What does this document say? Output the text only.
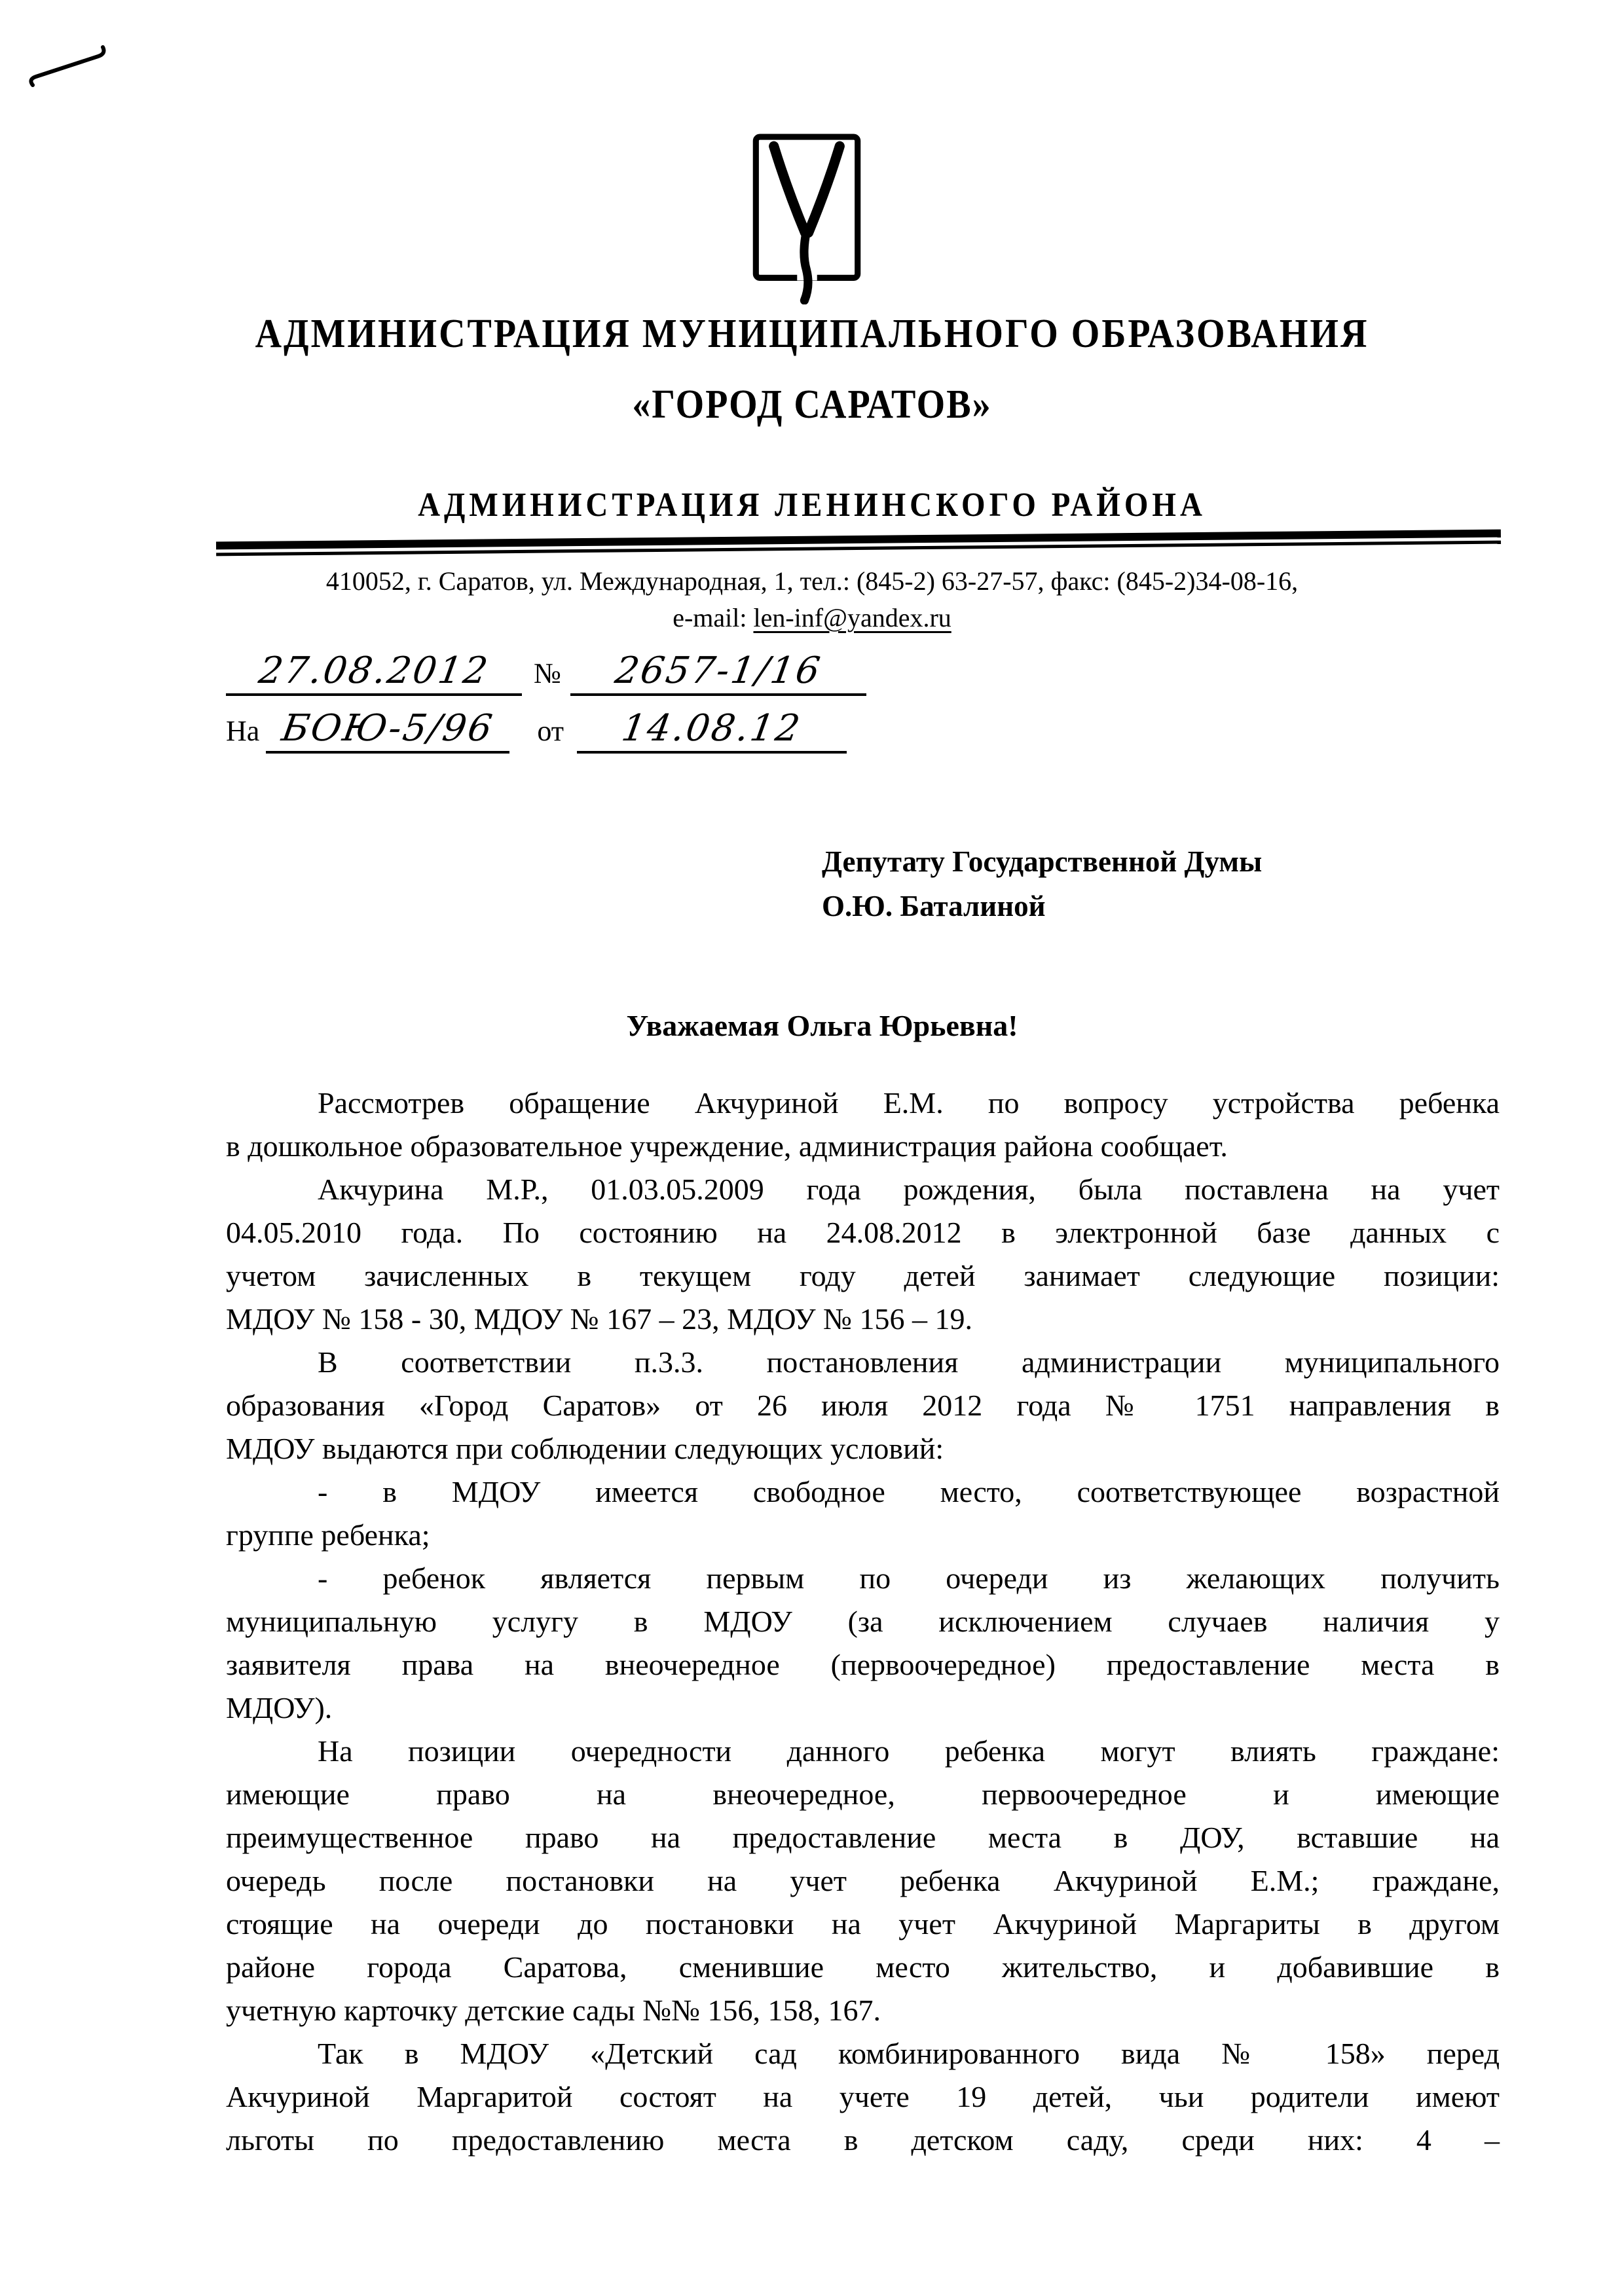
АДМИНИСТРАЦИЯ МУНИЦИПАЛЬНОГО ОБРАЗОВАНИЯ
«ГОРОД САРАТОВ»
АДМИНИСТРАЦИЯ ЛЕНИНСКОГО РАЙОНА
410052, г. Саратов, ул. Международная, 1, тел.: (845-2) 63-27-57, факс: (845-2)34-08-16,
e-mail: len-inf@yandex.ru
27.08.2012	№	2657-1/16
На БОЮ-5/96	от	14.08.12
Депутату Государственной Думы
О.Ю. Баталиной
Уважаемая Ольга Юрьевна!
Рассмотрев обращение Акчуриной Е.М. по вопросу устройства ребенка
в дошкольное образовательное учреждение, администрация района сообщает.
Акчурина М.Р., 01.03.05.2009 года рождения, была поставлена на учет
04.05.2010 года. По состоянию на 24.08.2012 в электронной базе данных с
учетом зачисленных в текущем году детей занимает следующие позиции:
МДОУ № 158 - 30, МДОУ № 167 – 23, МДОУ № 156 – 19.
В соответствии п.3.3. постановления администрации муниципального
образования «Город Саратов» от 26 июля 2012 года № 1751 направления в
МДОУ выдаются при соблюдении следующих условий:
- в МДОУ имеется свободное место, соответствующее возрастной
группе ребенка;
- ребенок является первым по очереди из желающих получить
муниципальную услугу в МДОУ (за исключением случаев наличия у
заявителя права на внеочередное (первоочередное) предоставление места в
МДОУ).
На позиции очередности данного ребенка могут влиять граждане:
имеющие право на внеочередное, первоочередное и имеющие
преимущественное право на предоставление места в ДОУ, вставшие на
очередь после постановки на учет ребенка Акчуриной Е.М.; граждане,
стоящие на очереди до постановки на учет Акчуриной Маргариты в другом
районе города Саратова, сменившие место жительство, и добавившие в
учетную карточку детские сады №№ 156, 158, 167.
Так в МДОУ «Детский сад комбинированного вида № 158» перед
Акчуриной Маргаритой состоят на учете 19 детей, чьи родители имеют
льготы по предоставлению места в детском саду, среди них: 4 –
